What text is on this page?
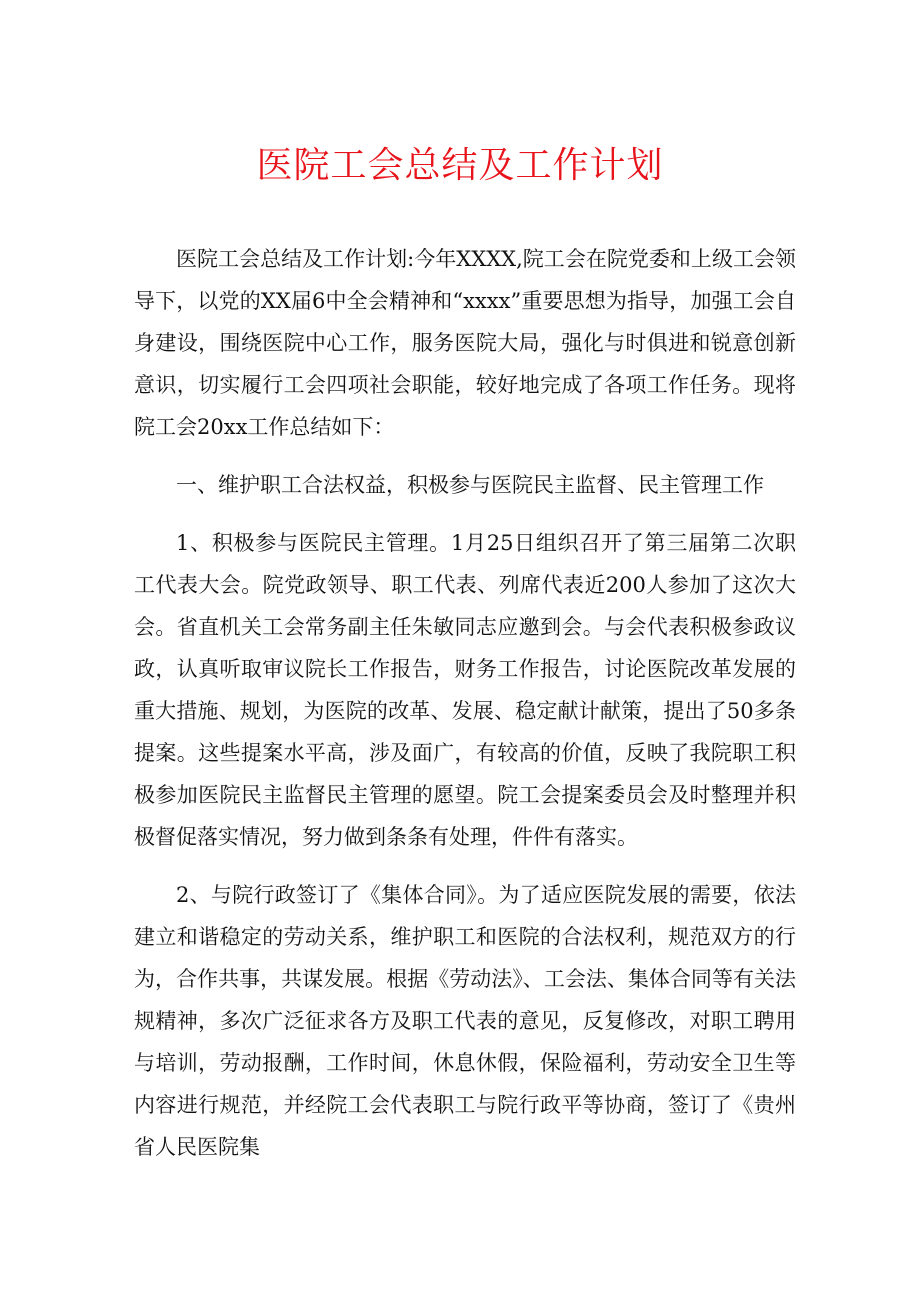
医院工会总结及工作计划

医院工会总结及工作计划:今年XXXX,院工会在院党委和上级工会领导下，以党的XX届6中全会精神和“xxxx”重要思想为指导，加强工会自身建设，围绕医院中心工作，服务医院大局，强化与时俱进和锐意创新意识，切实履行工会四项社会职能，较好地完成了各项工作任务。现将院工会20xx工作总结如下：

一、维护职工合法权益，积极参与医院民主监督、民主管理工作

1、积极参与医院民主管理。1月25日组织召开了第三届第二次职工代表大会。院党政领导、职工代表、列席代表近200人参加了这次大会。省直机关工会常务副主任朱敏同志应邀到会。与会代表积极参政议政，认真听取审议院长工作报告，财务工作报告，讨论医院改革发展的重大措施、规划，为医院的改革、发展、稳定献计献策，提出了50多条提案。这些提案水平高，涉及面广，有较高的价值，反映了我院职工积极参加医院民主监督民主管理的愿望。院工会提案委员会及时整理并积极督促落实情况，努力做到条条有处理，件件有落实。

2、与院行政签订了《集体合同》。为了适应医院发展的需要，依法建立和谐稳定的劳动关系，维护职工和医院的合法权利，规范双方的行为，合作共事，共谋发展。根据《劳动法》、工会法、集体合同等有关法规精神，多次广泛征求各方及职工代表的意见，反复修改，对职工聘用与培训，劳动报酬，工作时间，休息休假，保险福利，劳动安全卫生等内容进行规范，并经院工会代表职工与院行政平等协商，签订了《贵州省人民医院集
